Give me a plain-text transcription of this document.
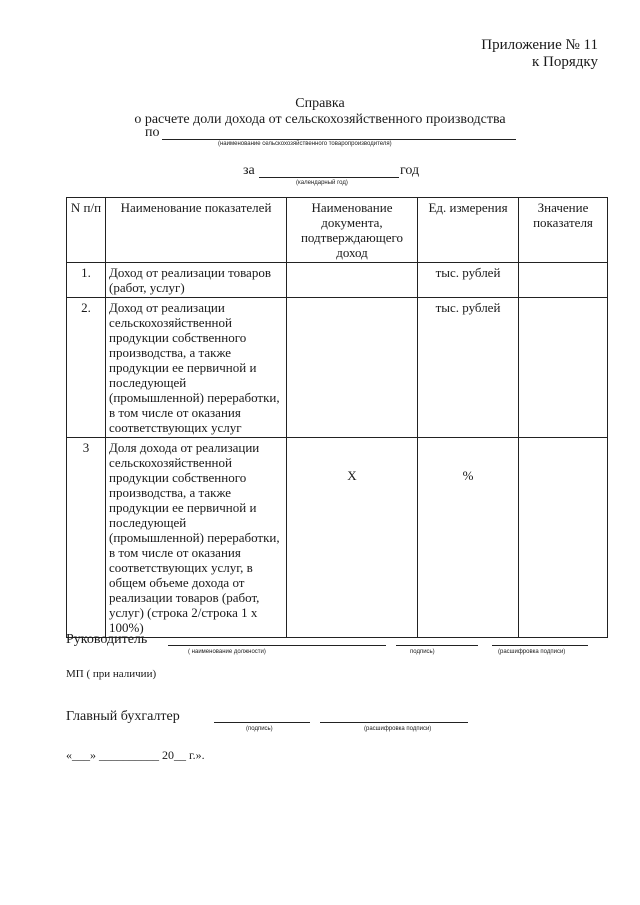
Приложение № 11
к Порядку
Справка
о расчете доли дохода от сельскохозяйственного производства
по
(наименование сельскохозяйственного товаропроизводителя)
за	год
(календарный год)
N п/п	Наименование показателей	Наименование документа, подтверждающего доход	Ед. измерения	Значение показателя
1.	Доход от реализации товаров (работ, услуг)		тыс. рублей	
2.	Доход от реализации сельскохозяйственной продукции собственного производства, а также продукции ее первичной и последующей (промышленной) переработки, в том числе от оказания соответствующих услуг		тыс. рублей	
3	Доля дохода от реализации сельскохозяйственной продукции собственного производства, а также продукции ее первичной и последующей (промышленной) переработки, в том числе от оказания соответствующих услуг, в общем объеме дохода от реализации товаров (работ, услуг) (строка 2/строка 1 x 100%)	X	%	
Руководитель
( наименование должности)	подпись)	(расшифровка подписи)
МП ( при наличии)
Главный бухгалтер
(подпись)	(расшифровка подписи)
«___» __________ 20__ г.».
